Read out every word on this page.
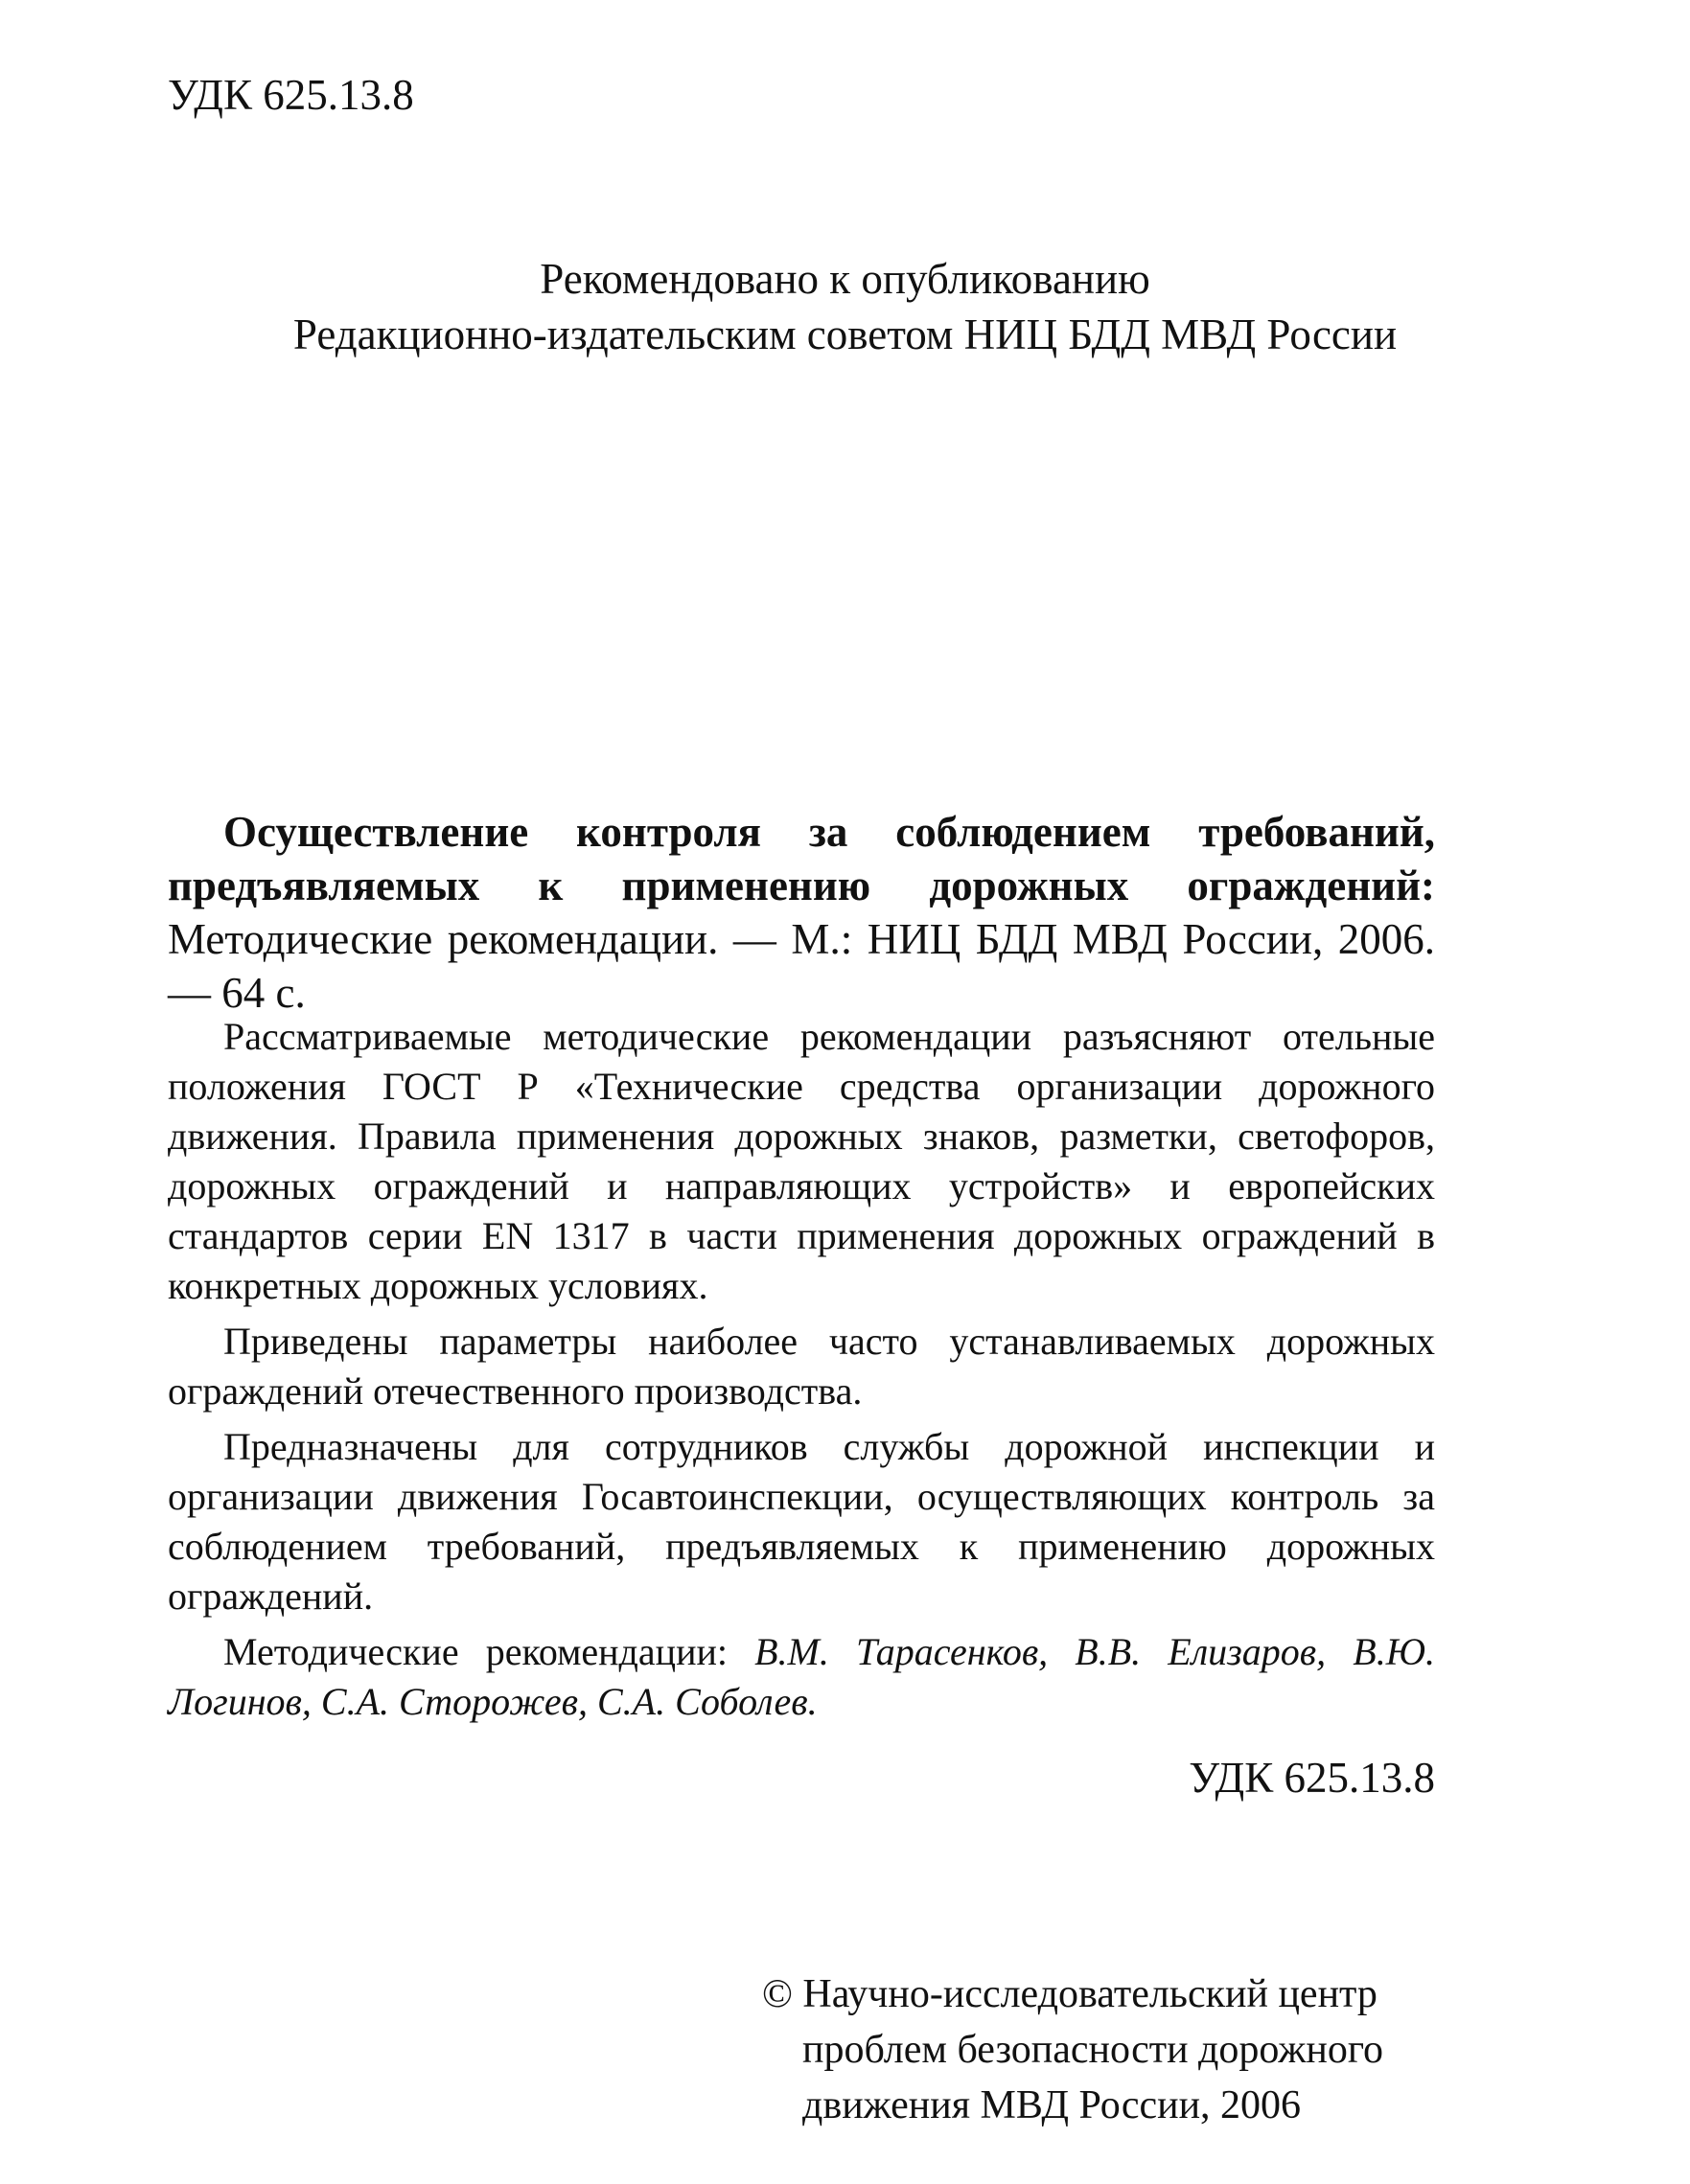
УДК 625.13.8
Рекомендовано к опубликованию
Редакционно-издательским советом НИЦ БДД МВД России
Осуществление контроля за соблюдением требований, предъявляемых к применению дорожных ограждений: Методические рекомендации. — М.: НИЦ БДД МВД России, 2006. — 64 с.

Рассматриваемые методические рекомендации разъясняют отельные положения ГОСТ Р «Технические средства организации дорожного движения. Правила применения дорожных знаков, разметки, светофоров, дорожных ограждений и направляющих устройств» и европейских стандартов серии EN 1317 в части применения дорожных ограждений в конкретных дорожных условиях.

Приведены параметры наиболее часто устанавливаемых дорожных ограждений отечественного производства.

Предназначены для сотрудников службы дорожной инспекции и организации движения Госавтоинспекции, осуществляющих контроль за соблюдением требований, предъявляемых к применению дорожных ограждений.

Методические рекомендации: В.М. Тарасенков, В.В. Елизаров, В.Ю. Логинов, С.А. Сторожев, С.А. Соболев.

УДК 625.13.8
© Научно-исследовательский центр
проблем безопасности дорожного
движения МВД России, 2006
